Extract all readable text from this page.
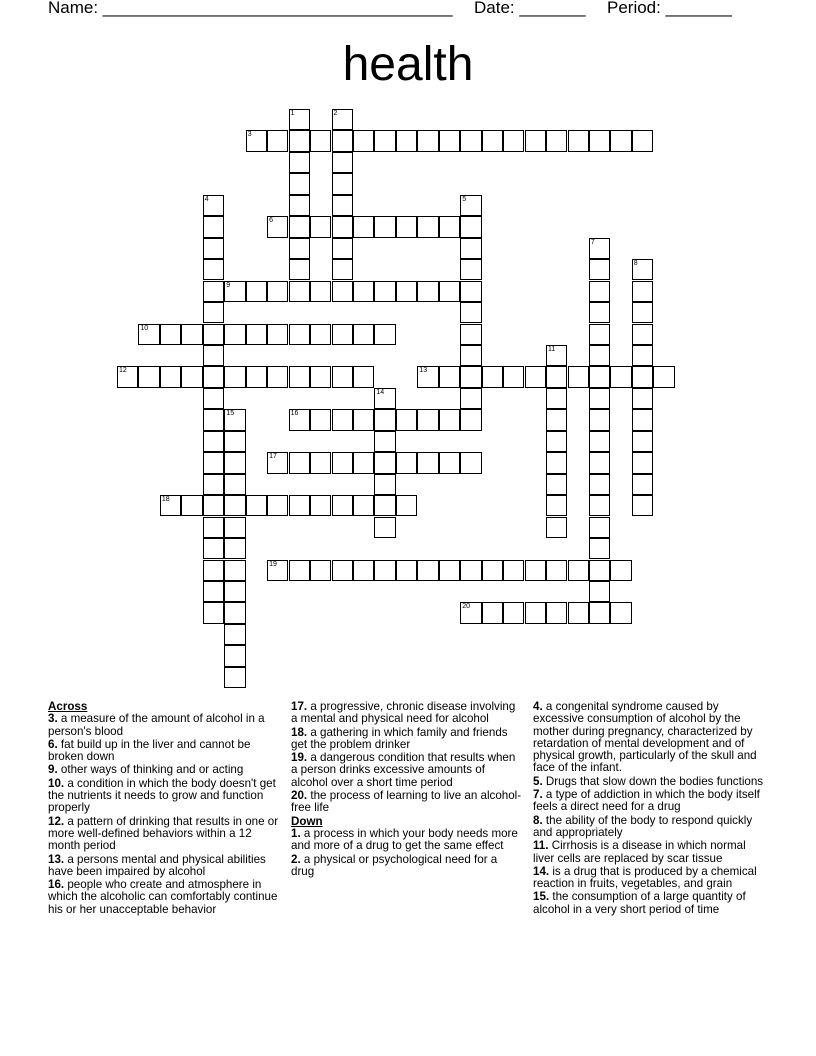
Name: _____________________________________ Date: _______ Period: _______
health
1	2
3
4	5
6
7
8
9
10
11
12	13
14
15	16
17
18
19
20

Across

3. a measure of the amount of alcohol in a person's blood

6. fat build up in the liver and cannot be broken down

9. other ways of thinking and or acting

10. a condition in which the body doesn't get the nutrients it needs to grow and function properly

12. a pattern of drinking that results in one or more well-defined behaviors within a 12 month period

13. a persons mental and physical abilities have been impaired by alcohol

16. people who create and atmosphere in which the alcoholic can comfortably continue his or her unacceptable behavior

17. a progressive, chronic disease involving a mental and physical need for alcohol

18. a gathering in which family and friends get the problem drinker

19. a dangerous condition that results when a person drinks excessive amounts of alcohol over a short time period

20. the process of learning to live an alcohol-free life

Down

1. a process in which your body needs more and more of a drug to get the same effect

2. a physical or psychological need for a drug

4. a congenital syndrome caused by excessive consumption of alcohol by the mother during pregnancy, characterized by retardation of mental development and of physical growth, particularly of the skull and face of the infant.

5. Drugs that slow down the bodies functions

7. a type of addiction in which the body itself feels a direct need for a drug

8. the ability of the body to respond quickly and appropriately

11. Cirrhosis is a disease in which normal liver cells are replaced by scar tissue

14. is a drug that is produced by a chemical reaction in fruits, vegetables, and grain

15. the consumption of a large quantity of alcohol in a very short period of time
